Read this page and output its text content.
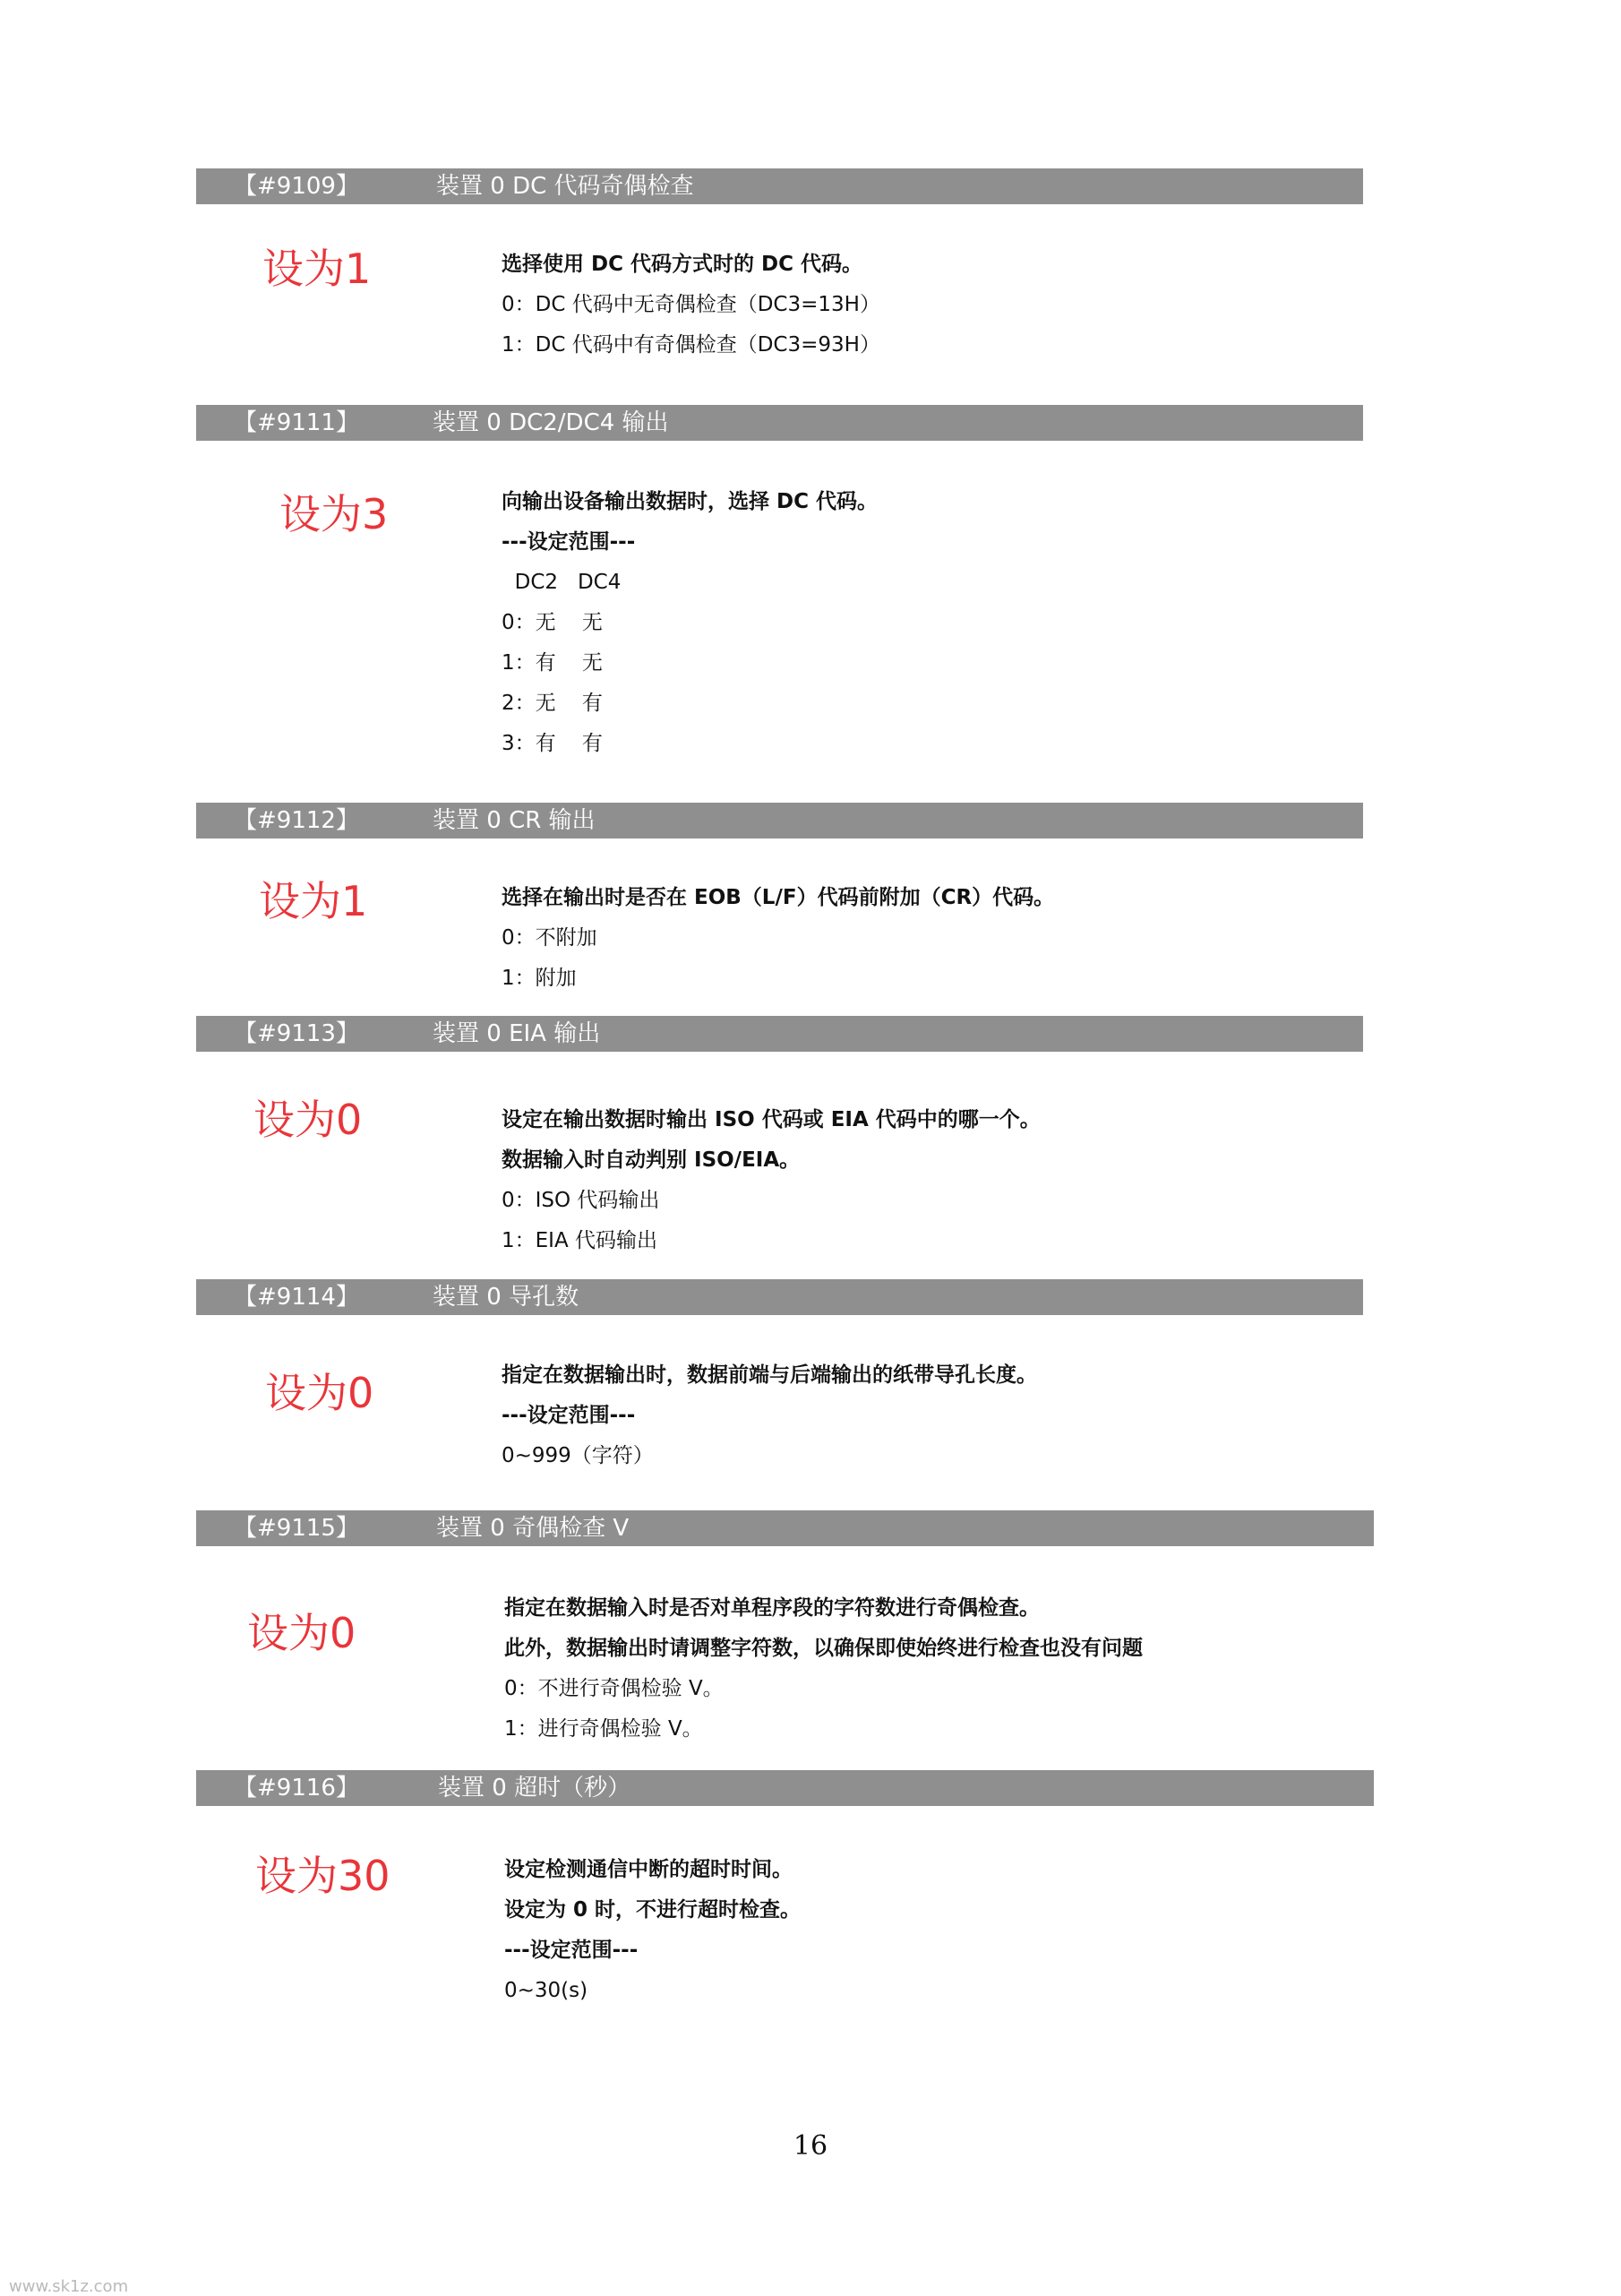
【#9109】	装置 0 DC 代码奇偶检查
设为1	选择使用 DC 代码方式时的 DC 代码。
0：DC 代码中无奇偶检查（DC3=13H）
1：DC 代码中有奇偶检查（DC3=93H）
【#9111】	装置 0 DC2/DC4 输出
设为3	向输出设备输出数据时，选择 DC 代码。
---设定范围---
DC2   DC4
0：无    无
1：有    无
2：无    有
3：有    有
【#9112】	装置 0 CR 输出
设为1	选择在输出时是否在 EOB（L/F）代码前附加（CR）代码。
0：不附加
1：附加
【#9113】	装置 0 EIA 输出
设为0	设定在输出数据时输出 ISO 代码或 EIA 代码中的哪一个。
数据输入时自动判别 ISO/EIA。
0：ISO 代码输出
1：EIA 代码输出
【#9114】	装置 0 导孔数
设为0	指定在数据输出时，数据前端与后端输出的纸带导孔长度。
---设定范围---
0~999（字符）
【#9115】	装置 0 奇偶检查 V
设为0
指定在数据输入时是否对单程序段的字符数进行奇偶检查。
此外，数据输出时请调整字符数，以确保即使始终进行检查也没有问题
0：不进行奇偶检验 V。
1：进行奇偶检验 V。
【#9116】	装置 0 超时（秒）
设为30	设定检测通信中断的超时时间。
设定为 0 时，不进行超时检查。
---设定范围---
0~30(s)
16
www.sk1z.com
